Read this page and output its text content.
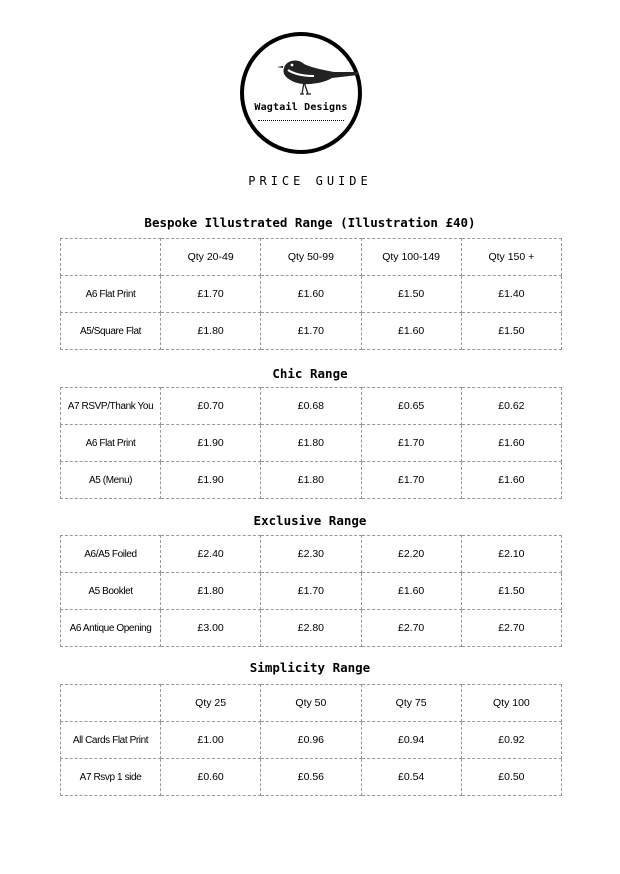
Wagtail Designs
PRICE GUIDE
Bespoke Illustrated Range (Illustration £40)
	Qty 20-49	Qty 50-99	Qty 100-149	Qty 150 +
A6 Flat Print	£1.70	£1.60	£1.50	£1.40
A5/Square Flat	£1.80	£1.70	£1.60	£1.50
Chic Range
A7 RSVP/Thank You	£0.70	£0.68	£0.65	£0.62
A6 Flat Print	£1.90	£1.80	£1.70	£1.60
A5 (Menu)	£1.90	£1.80	£1.70	£1.60
Exclusive Range
A6/A5 Foiled	£2.40	£2.30	£2.20	£2.10
A5 Booklet	£1.80	£1.70	£1.60	£1.50
A6 Antique Opening	£3.00	£2.80	£2.70	£2.70
Simplicity Range
	Qty 25	Qty 50	Qty 75	Qty 100
All Cards Flat Print	£1.00	£0.96	£0.94	£0.92
A7 Rsvp 1 side	£0.60	£0.56	£0.54	£0.50
